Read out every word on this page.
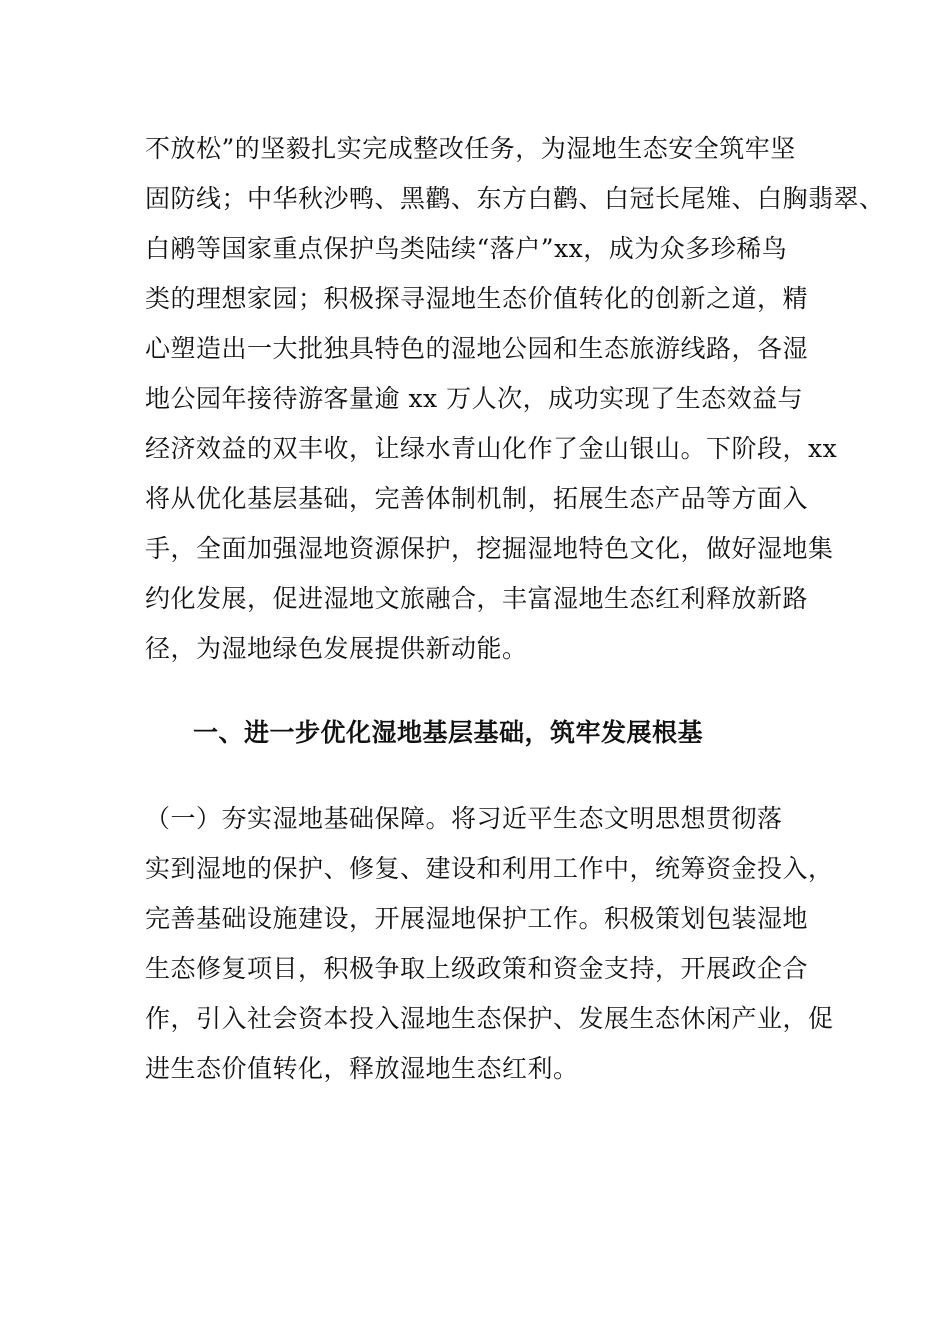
不放松”的坚毅扎实完成整改任务，为湿地生态安全筑牢坚
固防线；中华秋沙鸭、黑鹳、东方白鹳、白冠长尾雉、白胸翡翠、
白鹇等国家重点保护鸟类陆续“落户”xx，成为众多珍稀鸟
类的理想家园；积极探寻湿地生态价值转化的创新之道，精
心塑造出一大批独具特色的湿地公园和生态旅游线路，各湿
地公园年接待游客量逾 xx 万人次，成功实现了生态效益与
经济效益的双丰收，让绿水青山化作了金山银山。下阶段，xx
将从优化基层基础，完善体制机制，拓展生态产品等方面入
手，全面加强湿地资源保护，挖掘湿地特色文化，做好湿地集
约化发展，促进湿地文旅融合，丰富湿地生态红利释放新路
径，为湿地绿色发展提供新动能。
一、进一步优化湿地基层基础，筑牢发展根基
（一）夯实湿地基础保障。将习近平生态文明思想贯彻落
实到湿地的保护、修复、建设和利用工作中，统筹资金投入，
完善基础设施建设，开展湿地保护工作。积极策划包装湿地
生态修复项目，积极争取上级政策和资金支持，开展政企合
作，引入社会资本投入湿地生态保护、发展生态休闲产业，促
进生态价值转化，释放湿地生态红利。
